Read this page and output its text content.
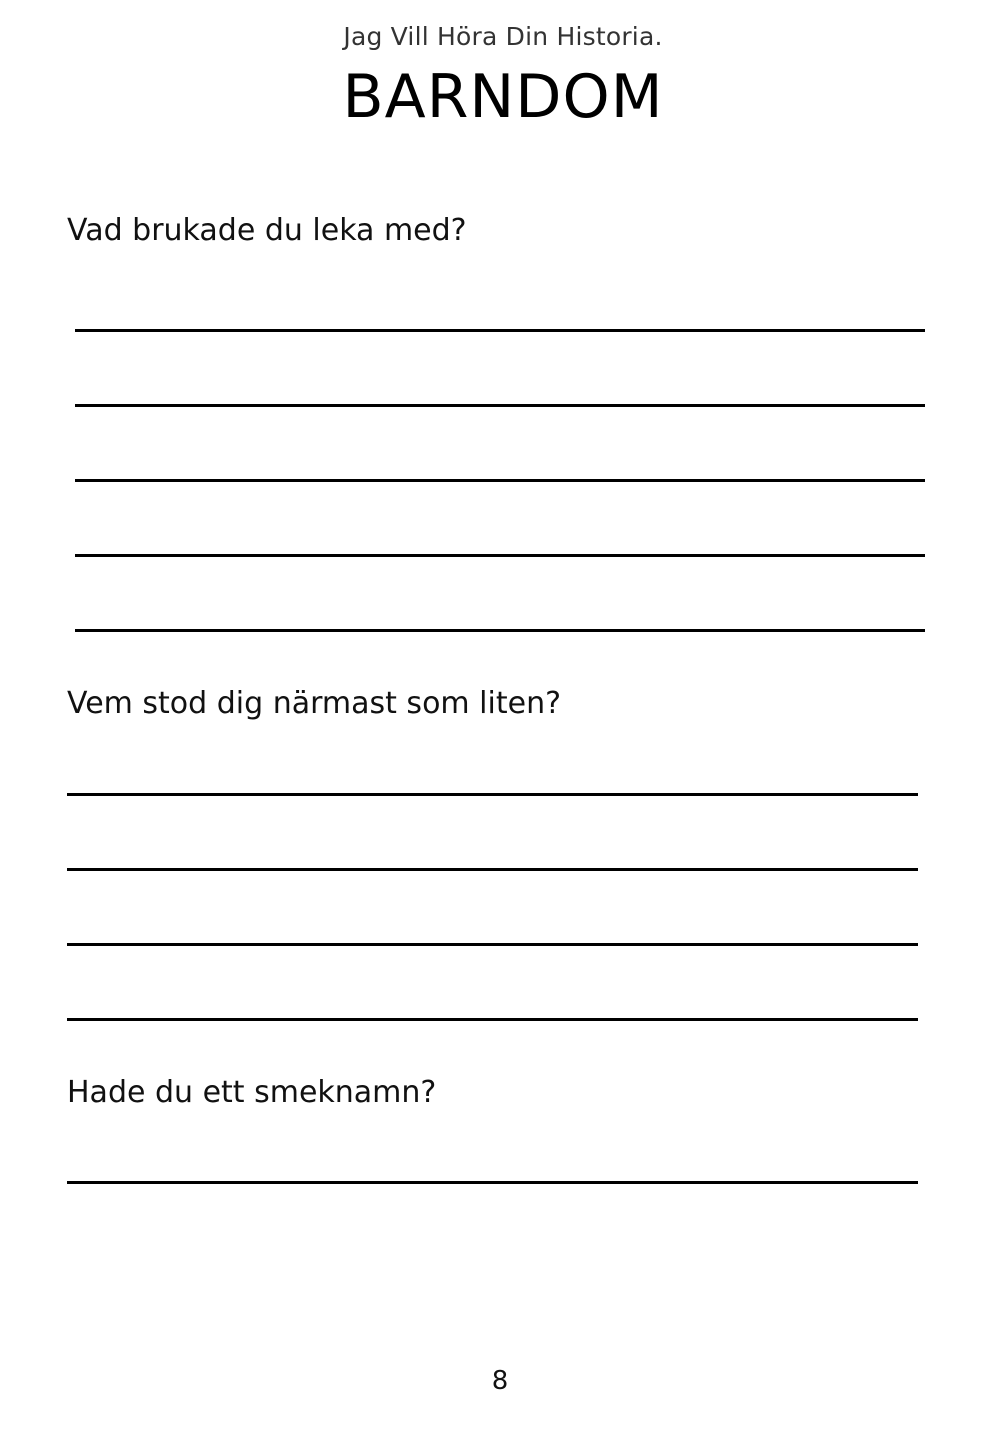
Jag Vill Höra Din Historia.
BARNDOM
Vad brukade du leka med?
Vem stod dig närmast som liten?
Hade du ett smeknamn?
8
